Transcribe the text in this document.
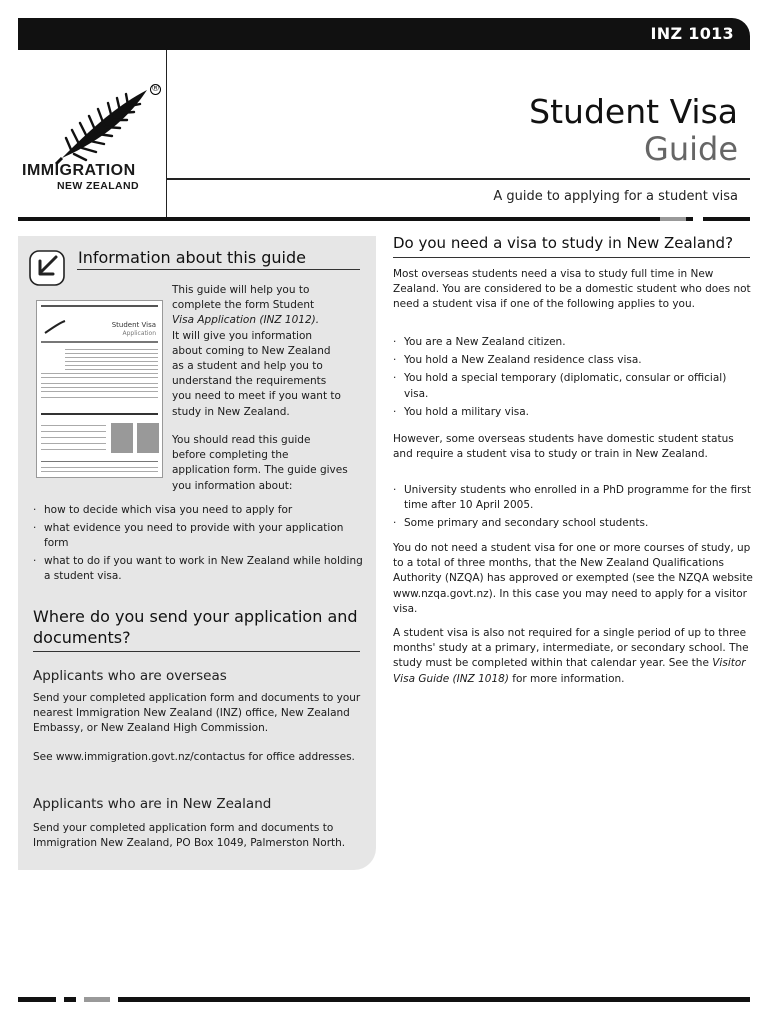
INZ 1013
®
IMMIGRATION
NEW ZEALAND
Student Visa
Guide
A guide to applying for a student visa
Information about this guide
Student Visa
Application
This guide will help you to
complete the form Student
Visa Application (INZ 1012).
It will give you information
about coming to New Zealand
as a student and help you to
understand the requirements
you need to meet if you want to
study in New Zealand.
You should read this guide
before completing the
application form. The guide gives
you information about:
· how to decide which visa you need to apply for
· what evidence you need to provide with your application form
· what to do if you want to work in New Zealand while holding a student visa.
Where do you send your application and documents?
Applicants who are overseas
Send your completed application form and documents to your nearest Immigration New Zealand (INZ) office, New Zealand Embassy, or New Zealand High Commission.
See www.immigration.govt.nz/contactus for office addresses.
Applicants who are in New Zealand
Send your completed application form and documents to Immigration New Zealand, PO Box 1049, Palmerston North.
Do you need a visa to study in New Zealand?
Most overseas students need a visa to study full time in New Zealand. You are considered to be a domestic student who does not need a student visa if one of the following applies to you.
· You are a New Zealand citizen.
· You hold a New Zealand residence class visa.
· You hold a special temporary (diplomatic, consular or official) visa.
· You hold a military visa.
However, some overseas students have domestic student status and require a student visa to study or train in New Zealand.
· University students who enrolled in a PhD programme for the first time after 10 April 2005.
· Some primary and secondary school students.
You do not need a student visa for one or more courses of study, up to a total of three months, that the New Zealand Qualifications Authority (NZQA) has approved or exempted (see the NZQA website www.nzqa.govt.nz). In this case you may need to apply for a visitor visa.
A student visa is also not required for a single period of up to three months' study at a primary, intermediate, or secondary school. The study must be completed within that calendar year. See the Visitor Visa Guide (INZ 1018) for more information.
